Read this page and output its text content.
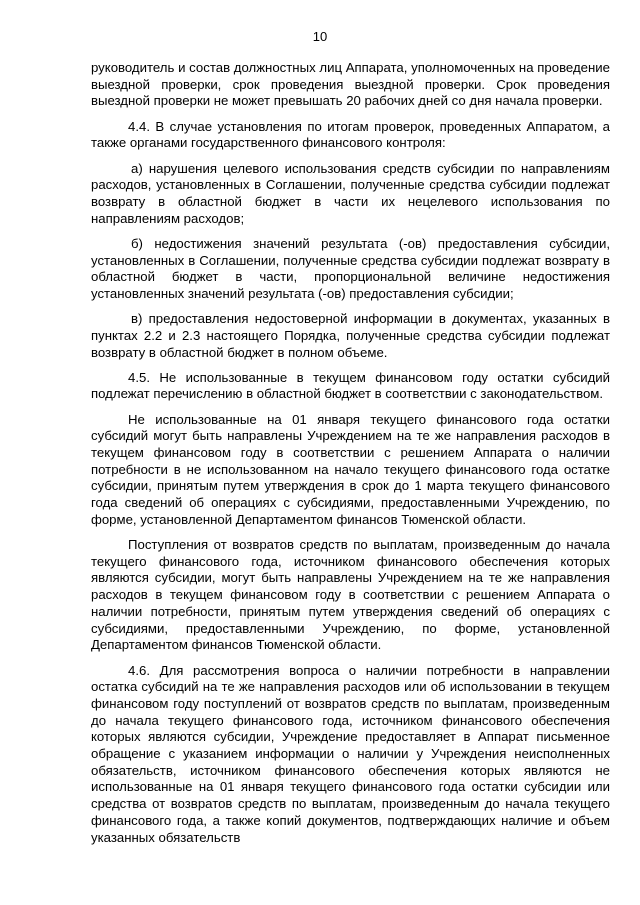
10

руководитель и состав должностных лиц Аппарата, уполномоченных на проведение выездной проверки, срок проведения выездной проверки. Срок проведения выездной проверки не может превышать 20 рабочих дней со дня начала проверки.

4.4. В случае установления по итогам проверок, проведенных Аппаратом, а также органами государственного финансового контроля:

а) нарушения целевого использования средств субсидии по направлениям расходов, установленных в Соглашении, полученные средства субсидии подлежат возврату в областной бюджет в части их нецелевого использования по направлениям расходов;

б) недостижения значений результата (-ов) предоставления субсидии, установленных в Соглашении, полученные средства субсидии подлежат возврату в областной бюджет в части, пропорциональной величине недостижения установленных значений результата (-ов) предоставления субсидии;

в) предоставления недостоверной информации в документах, указанных в пунктах 2.2 и 2.3 настоящего Порядка, полученные средства субсидии подлежат возврату в областной бюджет в полном объеме.

4.5. Не использованные в текущем финансовом году остатки субсидий подлежат перечислению в областной бюджет в соответствии с законодательством.

Не использованные на 01 января текущего финансового года остатки субсидий могут быть направлены Учреждением на те же направления расходов в текущем финансовом году в соответствии с решением Аппарата о наличии потребности в не использованном на начало текущего финансового года остатке субсидии, принятым путем утверждения в срок до 1 марта текущего финансового года сведений об операциях с субсидиями, предоставленными Учреждению, по форме, установленной Департаментом финансов Тюменской области.

Поступления от возвратов средств по выплатам, произведенным до начала текущего финансового года, источником финансового обеспечения которых являются субсидии, могут быть направлены Учреждением на те же направления расходов в текущем финансовом году в соответствии с решением Аппарата о наличии потребности, принятым путем утверждения сведений об операциях с субсидиями, предоставленными Учреждению, по форме, установленной Департаментом финансов Тюменской области.

4.6. Для рассмотрения вопроса о наличии потребности в направлении остатка субсидий на те же направления расходов или об использовании в текущем финансовом году поступлений от возвратов средств по выплатам, произведенным до начала текущего финансового года, источником финансового обеспечения которых являются субсидии, Учреждение предоставляет в Аппарат письменное обращение с указанием информации о наличии у Учреждения неисполненных обязательств, источником финансового обеспечения которых являются не использованные на 01 января текущего финансового года остатки субсидии или средства от возвратов средств по выплатам, произведенным до начала текущего финансового года, а также копий документов, подтверждающих наличие и объем указанных обязательств
